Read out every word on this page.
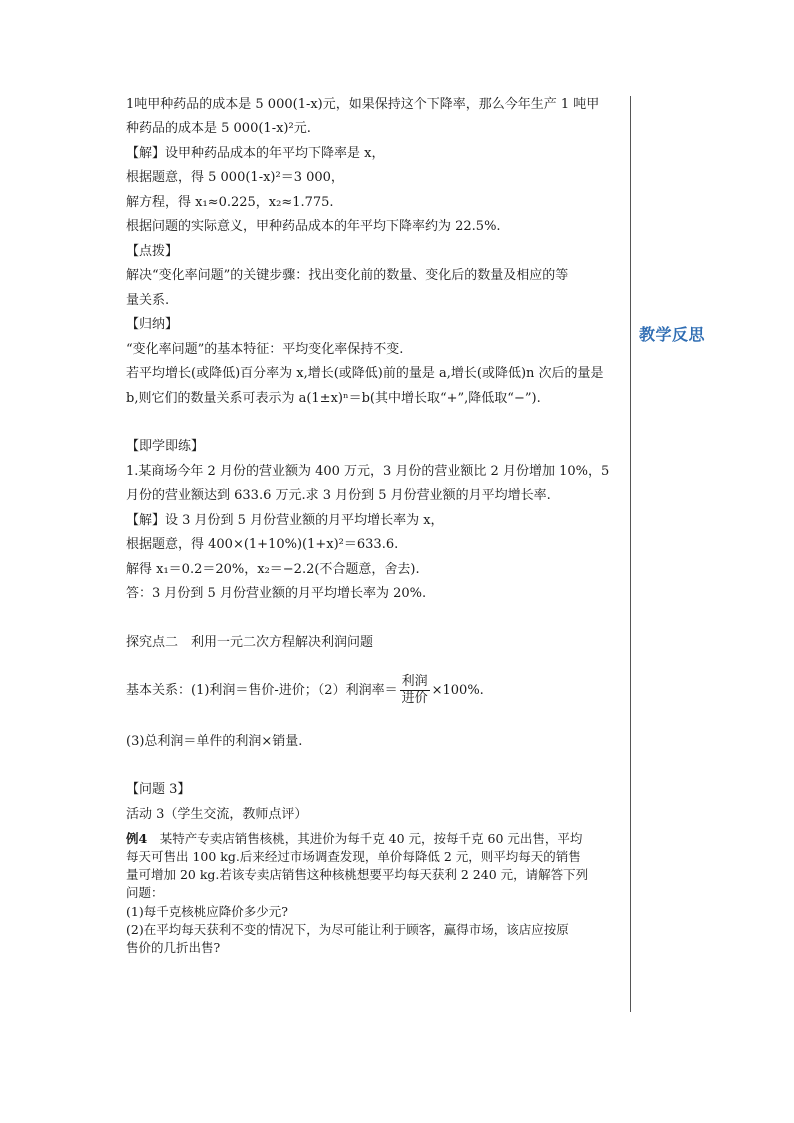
教学反思
1吨甲种药品的成本是 5 000(1-x)元，如果保持这个下降率，那么今年生产 1 吨甲
种药品的成本是 5 000(1-x)²元.
【解】设甲种药品成本的年平均下降率是 x，
根据题意，得 5 000(1-x)²＝3 000，
解方程，得 x₁≈0.225，x₂≈1.775.
根据问题的实际意义，甲种药品成本的年平均下降率约为 22.5%.
【点拨】
解决“变化率问题”的关键步骤：找出变化前的数量、变化后的数量及相应的等
量关系.
【归纳】
“变化率问题”的基本特征：平均变化率保持不变.
若平均增长(或降低)百分率为 x,增长(或降低)前的量是 a,增长(或降低)n 次后的量是
b,则它们的数量关系可表示为 a(1±x)ⁿ＝b(其中增长取“+”,降低取“−”).
【即学即练】
1.某商场今年 2 月份的营业额为 400 万元，3 月份的营业额比 2 月份增加 10%，5
月份的营业额达到 633.6 万元.求 3 月份到 5 月份营业额的月平均增长率.
【解】设 3 月份到 5 月份营业额的月平均增长率为 x，
根据题意，得 400×(1+10%)(1+x)²＝633.6.
解得 x₁＝0.2＝20%，x₂＝−2.2(不合题意，舍去).
答：3 月份到 5 月份营业额的月平均增长率为 20%.
探究点二　利用一元二次方程解决利润问题
基本关系：(1)利润＝售价-进价；（2）利润率＝ $\frac{\text{利润}}{\text{进价}} \times 100\%$.
(3)总利润＝单件的利润×销量.
【问题 3】
活动 3（学生交流，教师点评）
例4　某特产专卖店销售核桃，其进价为每千克 40 元，按每千克 60 元出售，平均
每天可售出 100 kg.后来经过市场调查发现，单价每降低 2 元，则平均每天的销售
量可增加 20 kg.若该专卖店销售这种核桃想要平均每天获利 2 240 元，请解答下列
问题：
(1)每千克核桃应降价多少元?
(2)在平均每天获利不变的情况下，为尽可能让利于顾客，赢得市场，该店应按原
售价的几折出售?
